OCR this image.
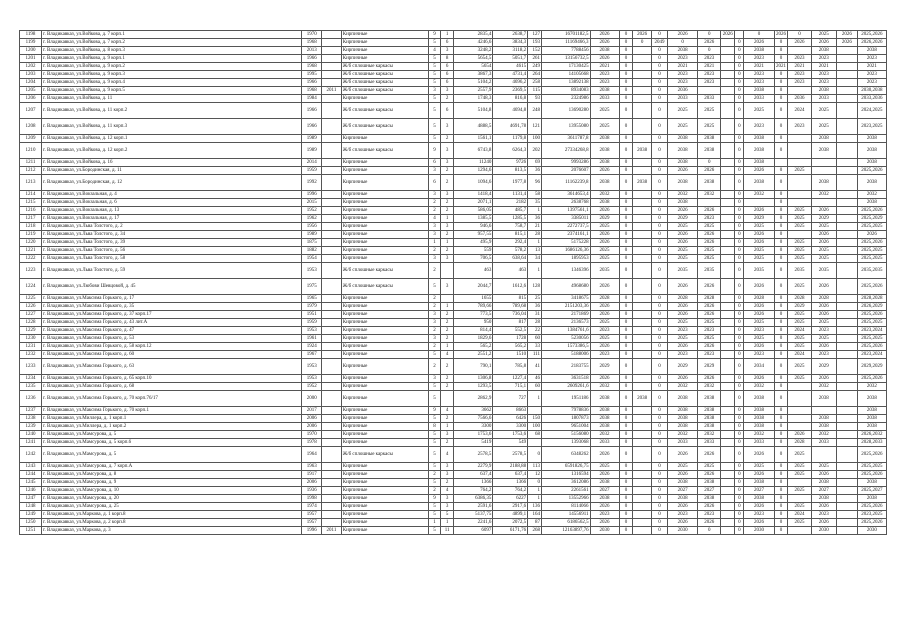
1198	г. Владикавказ, ул.Войкова, д. 7 корп.1	1970		Кирпичные	9	1	2835,4	2638,7	127	16701182,5	2026	0	2026	0	2026	0	2026		0	2026	0	2025	2026	2025,2026
1199	г. Владикавказ, ул.Войкова, д. 7 корп.2	1968		Кирпичные	5	6	4246,6	3834,3	193	11169466,3	2026	0	0	2049	0	2026		0	2026	0	2026	2026	2026	2026,2026
1200	г. Владикавказ, ул.Войкова, д. 8 корп.3	2013		Кирпичные	4	3	3248,2	3118,2	152	7788456	2038	0		0	2038	0		0	2038	0		2038		2038
1201	г. Владикавказ, ул.Войкова, д. 9 корп.1	1966		Кирпичные	5	8	5654,5	5051,7	261	13156732,5	2026	0		0	2023	2023		0	2023	0	2023	2023		2023
1202	г. Владикавказ, ул.Войкова, д. 9 корп.2	1968		Ж/б сплошные каркасы	5	6	5654	4615	249	17130425	2021	0		0	2021	2021		0	2021	2021	2021	2021		2021
1203	г. Владикавказ, ул.Войкова, д. 9 корп.3	1995		Ж/б сплошные каркасы	5	6	3867,3	4731,4	264	14105668	2023	0		0	2023	2023		0	2023	0	2023	2023		2023
1204	г. Владикавказ, ул.Войкова, д. 9 корп.4	1966		Ж/б сплошные каркасы	5	6	5104,2	4696,2	258	13892138	2023	0		0	2023	2023		0	2023	0	2023	2023		2023
1205	г. Владикавказ, ул.Войкова, д. 9 корп.5	1968	2011	Ж/б сплошные каркасы	3	3	2557,9	2369,5	115	8934083	2038	0		0	2036			0	2038	0		2038		2030,2038
1206	г. Владикавказ, ул.Войкова, д. 11	1984		Кирпичные	5	2	1748,3	816,8	93	2324986	2033	0		0	2033	2033		0	2033	0	2036	2033		2033,2036
1207	г. Владикавказ, ул.Войкова, д. 11 корп.2	1966		Ж/б сплошные каркасы	5	6	5104,8	4694,8	248	13690280	2025	0		0	2025	2025		0	2025	0	2024	2025		2024,2025
1208	г. Владикавказ, ул.Войкова, д. 11 корп.3	1966		Ж/б сплошные каркасы	5	3	4888,5	4691,78	121	13955080	2025	0		0	2025	2025		0	2023	0	2023	2025		2023,2025
1209	г. Владикавказ, ул.Войкова, д. 12 корп.1	1989		Кирпичные	5	2	1561,1	1179,8	100	3611787,8	2038	0		0	2038	2038		0	2038	0		2038		2038
1210	г. Владикавказ, ул.Войкова, д. 12 корп.2	1989		Ж/б сплошные каркасы	9	3	6743,8	6264,3	202	27334268,8	2038	0	2038	0	2038	2038		0	2038	0		2038		2038
1211	г. Владикавказ, ул.Войкова, д. 16	2014		Кирпичные	6	3	11240	9726	69	9993286	2038	0		0	2038	0		0	2038					2038
1212	г. Владикавказ, ул.Бородинская, д. 11	1959		Кирпичные	3	2	1294,6	813,5	36	2076607	2026	0		0	2026	2026		0	2026	0	2025			2025,2026
1213	г. Владикавказ, ул.Бородинская, д. 12	1992		Кирпичные	6	2	1094,6	1977,8	96	11162239,8	2038	0	2038	0	2038	2038		0	2038	0		2038		2038
1214	г. Владикавказ, ул.Вокзальная, д. 4	1996		Кирпичные	3	3	1418,4	1131,4	58	3614653,4	2032	0		0	2032	2032		0	2032	0		2032		2032
1215	г. Владикавказ, ул.Вокзальная, д. 6	2015		Кирпичные	2	2	2071,1	2182	35	2638768	2038	0		0	2038			0		0				2038
1216	г. Владикавказ, ул.Вокзальная, д. 13	1952		Кирпичные	2	2	586,05	485,7	1	1397561,1	2026	0		0	2026	2026		0	2026	0	2025	2026		2025,2026
1217	г. Владикавказ, ул.Вокзальная, д. 17	1962		Кирпичные	4	1	1385,5	1285,5	36	3385011	2029	0		0	2029	2023		0	2029	0	2025	2029		2025,2029
1218	г. Владикавказ, ул.Льва Толстого, д. 2	1956		Кирпичные	3	3	946,6	758,7	21	2272737,5	2025	0		0	2025	2025		0	2025	0	2025	2025		2025,2025
1219	г. Владикавказ, ул.Льва Толстого, д. 34	1989		Кирпичные	3	2	957,55	815,1	28	2374161,1	2026	0		0	2026	2026		0	2026	0		2026		2026
1220	г. Владикавказ, ул.Льва Толстого, д. 39	1875		Кирпичные	1	1	495,9	292,4	1	5175228	2026	0		0	2026	2026		0	2026	0	2025	2026		2025,2026
1221	г. Владикавказ, ул.Льва Толстого, д. 56	1882		Кирпичные	2	2	559	578,2	13	1686126,36	2025	0		0	2025	2025		0	2025	0	2025	2025		2025,2025
1222	г. Владикавказ, ул.Льва Толстого, д. 58	1954		Кирпичные	3	3	706,5	638,64	34	1895953	2025	0		0	2025	2025		0	2025	0	2025	2025		2025,2025
1223	г. Владикавказ, ул.Льва Толстого, д. 59	1953		Ж/б сплошные каркасы	2		463	463	1	1346396	2035	0		0	2035	2035		0	2035	0	2035	2035		2035,2035
1224	г. Владикавказ, ул.Любови Шевцовой, д. 45	1975		Ж/б сплошные каркасы	5	3	2044,7	1612,6	128	4968680	2026	0		0	2026	2026		0	2026	0	2025	2026		2025,2026
1225	г. Владикавказ, ул.Максима Горького, д. 17	1965		Кирпичные	2		1655	815	25	3418675	2028	0		0	2028	2028		0	2028	0	2028	2028		2028,2028
1226	г. Владикавказ, ул.Максима Горького, д. 35	1979		Кирпичные	2	1	789,66	789,68	36	2151203,36	2026	0		0	2026	2026		0	2026	0	2029	2026		2026,2029
1227	г. Владикавказ, ул.Максима Горького, д. 37 корп.17	1951		Кирпичные	3	2	773,5	736,04	31	2171869	2026	0		0	2026	2026		0	2026	0	2025	2026		2025,2026
1228	г. Владикавказ, ул.Максима Горького, д. 43 лит.А	1959		Кирпичные	3	2	950	817	28	2136573	2025	0		0	2025	2025		0	2025	0	2025	2025		2025,2025
1229	г. Владикавказ, ул.Максима Горького, д. 47	1953		Кирпичные	2	2	814,4	552,5	22	1384761,6	2023	0		0	2023	2023		0	2023	0	2024	2023		2023,2024
1230	г. Владикавказ, ул.Максима Горького, д. 53	1961		Кирпичные	3	2	1829,6	1728	60	5230056	2025	0		0	2025	2025		0	2025	0	2025	2025		2025,2025
1231	г. Владикавказ, ул.Максима Горького, д. 58 корп.12	1924		Кирпичные	2	1	565,2	565,2	33	1573386,5	2026	0		0	2026	2026		0	2026	0	2025	2026		2025,2026
1232	г. Владикавказ, ул.Максима Горького, д. 60	1967		Кирпичные	5	4	2551,2	1510	111	5188006	2023	0		0	2023	2023		0	2023	0	2024	2023		2023,2024
1233	г. Владикавказ, ул.Максима Горького, д. 63	1953		Кирпичные	2	2	790,1	785,8	41	2183755	2029	0		0	2029	2029		0	2034	0	2025	2029		2029,2029
1234	г. Владикавказ, ул.Максима Горького, д. 65 корп.10	1953		Кирпичные	3	2	1306,8	1227,4	46	3631518	2026	0		0	2026	2026		0	2026	0	2025	2026		2025,2026
1235	г. Владикавказ, ул.Максима Горького, д. 68	1952		Кирпичные	5	2	1293,5	715,1	60	2609261,6	2032	0		0	2032	2032		0	2032	0		2032		2032
1236	г. Владикавказ, ул.Максима Горького, д. 70 корп.76/17	2000		Кирпичные	5		2862,9	727	1	1951186	2038	0	2038	0	2038	2038		0	2038	0		2038		2038
1237	г. Владикавказ, ул.Максима Горького, д. 70 корп.1	2017		Кирпичные	9	4	3662	8663		7978836	2038	0		0	2038	2038		0	2038	0				2038
1238	г. Владикавказ, ул.Миллера, д. 1 корп.1	2006		Кирпичные	5	2	7566,6	6426	150	1807873	2038	0		0	2038	2038		0	2038	0		2038		2038
1239	г. Владикавказ, ул.Миллера, д. 1 корп.2	2006		Кирпичные	8	1	3300	3300	100	9651004	2038	0		0	2038	2038		0	2038	0		2038		2038
1240	г. Владикавказ, ул.Мамсурова, д. 5	1970		Кирпичные	5	3	1753,6	1753,6	68	5156080	2032	0		0	2032	2032		0	2032	0	2026	2032		2026,2032
1241	г. Владикавказ, ул.Мамсурова, д. 5 корп.6	1978		Кирпичные	5	2	5419	549		1393068	2033	0		0	2033	2033		0	2033	0	2028	2033		2028,2033
1242	г. Владикавказ, ул.Мамсурова, д. 5	1964		Ж/б сплошные каркасы	5	4	2578,5	2578,5	0	6348262	2026	0		0	2026	2026		0	2026	0	2025			2025,2026
1243	г. Владикавказ, ул.Мамсурова, д. 7 корп.А	1963		Кирпичные	5	3	2279,9	2188,88	113	6591826,75	2025	0		0	2025	2025		0	2025	0	2025	2025		2025,2025
1244	г. Владикавказ, ул.Мамсурова, д. 8	1917		Кирпичные	2	3	637,4	637,4	12	1316594	2026	0		0	2026	2026		0	2026	0	2025	2026		2025,2026
1245	г. Владикавказ, ул.Мамсурова, д. 9	2006		Кирпичные	5	2	1366	1366	0	3612086	2038	0		0	2038	2038		0	2038	0		2038		2038
1246	г. Владикавказ, ул.Мамсурова, д. 10	1936		Кирпичные	2	4	764,2	764,2	1	2261561	2027	0		0	2027	2027		0	2027	0	2025	2027		2025,2027
1247	г. Владикавказ, ул.Мамсурова, д. 20	1998		Кирпичные	9	3	6386,35	6227	1	13552966	2038	0		0	2038	2038		0	2038	0		2038		2038
1248	г. Владикавказ, ул.Мамсурова, д. 25	1974		Кирпичные	5	3	2591,6	2917,6	136	8114066	2026	0		0	2026	2026		0	2026	0	2025	2026		2025,2026
1249	г. Владикавказ, ул.Маркова, д. 1 корп.8	1957		Кирпичные	5	5	5137,75	4899,1	164	14556911	2023	0		0	2023	2023		0	2023	0	2024	2023		2023,2025
1250	г. Владикавказ, ул.Маркова, д. 2 корп.8	1957		Кирпичные	1	1	2241,6	2072,5	87	6186562,5	2026	0		0	2026	2026		0	2026	0	2025	2026		2025,2026
1251	г. Владикавказ, ул.Маркова, д. 3	1996	2011	Кирпичные	5	11	6097	6171,76	268	12163897,76	2030	0		0	2030	0		0	2030	0		2030		2030
